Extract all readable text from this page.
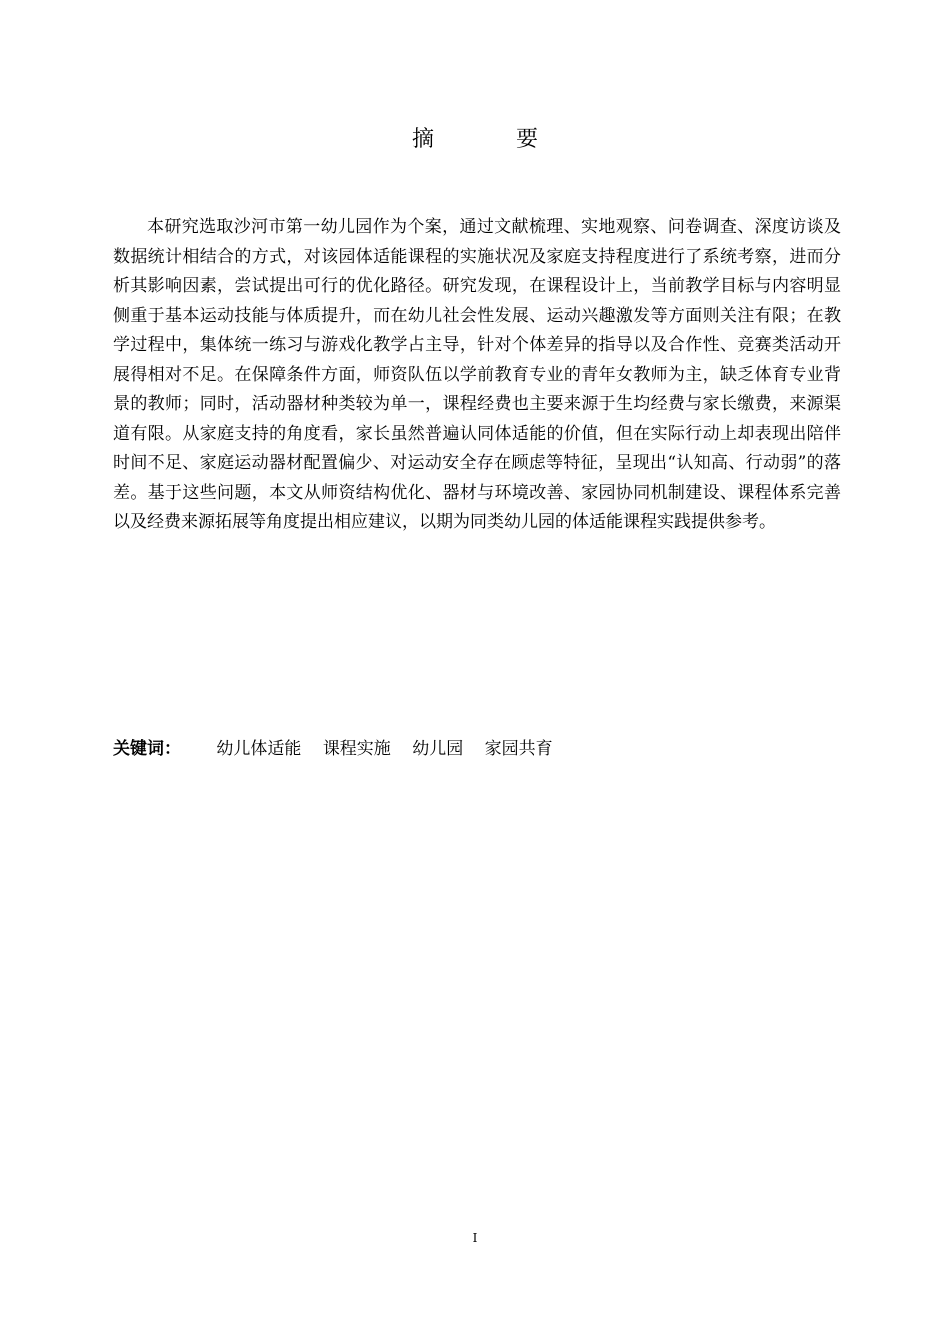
摘　要

本研究选取沙河市第一幼儿园作为个案，通过文献梳理、实地观察、问卷调查、深度访谈及数据统计相结合的方式，对该园体适能课程的实施状况及家庭支持程度进行了系统考察，进而分析其影响因素，尝试提出可行的优化路径。研究发现，在课程设计上，当前教学目标与内容明显侧重于基本运动技能与体质提升，而在幼儿社会性发展、运动兴趣激发等方面则关注有限；在教学过程中，集体统一练习与游戏化教学占主导，针对个体差异的指导以及合作性、竞赛类活动开展得相对不足。在保障条件方面，师资队伍以学前教育专业的青年女教师为主，缺乏体育专业背景的教师；同时，活动器材种类较为单一，课程经费也主要来源于生均经费与家长缴费，来源渠道有限。从家庭支持的角度看，家长虽然普遍认同体适能的价值，但在实际行动上却表现出陪伴时间不足、家庭运动器材配置偏少、对运动安全存在顾虑等特征，呈现出“认知高、行动弱”的落差。基于这些问题，本文从师资结构优化、器材与环境改善、家园协同机制建设、课程体系完善以及经费来源拓展等角度提出相应建议，以期为同类幼儿园的体适能课程实践提供参考。

关键词： 幼儿体适能 课程实施 幼儿园 家园共育
I
